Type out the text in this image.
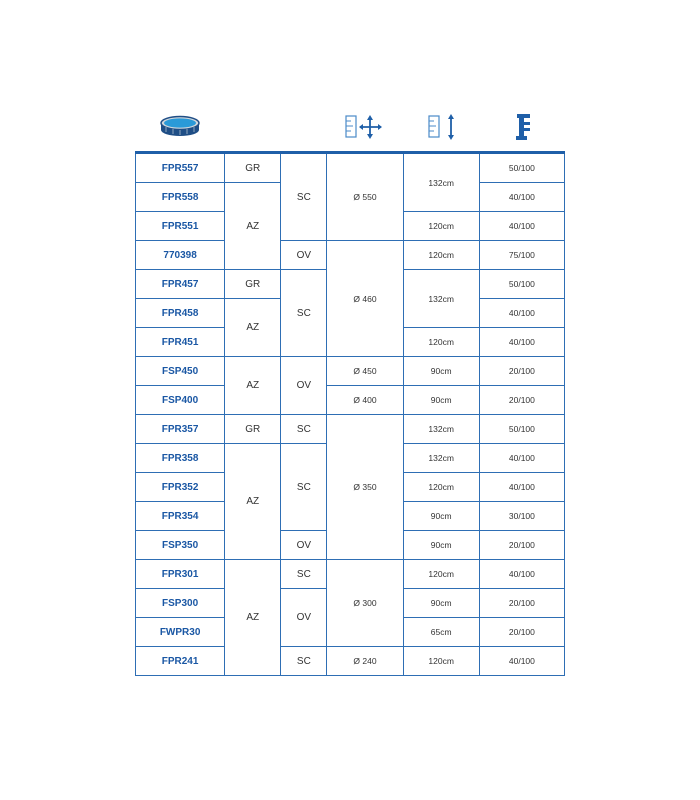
FPR557	GR	SC	Ø 550	132cm	50/100
FPR558	AZ				40/100
FPR551				120cm	40/100
770398		OV	Ø 460	120cm	75/100
FPR457	GR	SC		132cm	50/100
FPR458	AZ				40/100
FPR451				120cm	40/100
FSP450	AZ	OV	Ø 450	90cm	20/100
FSP400			Ø 400	90cm	20/100
FPR357	GR	SC	Ø 350	132cm	50/100
FPR358	AZ	SC		132cm	40/100
FPR352				120cm	40/100
FPR354				90cm	30/100
FSP350		OV		90cm	20/100
FPR301	AZ	SC	Ø 300	120cm	40/100
FSP300		OV		90cm	20/100
FWPR30				65cm	20/100
FPR241		SC	Ø 240	120cm	40/100
